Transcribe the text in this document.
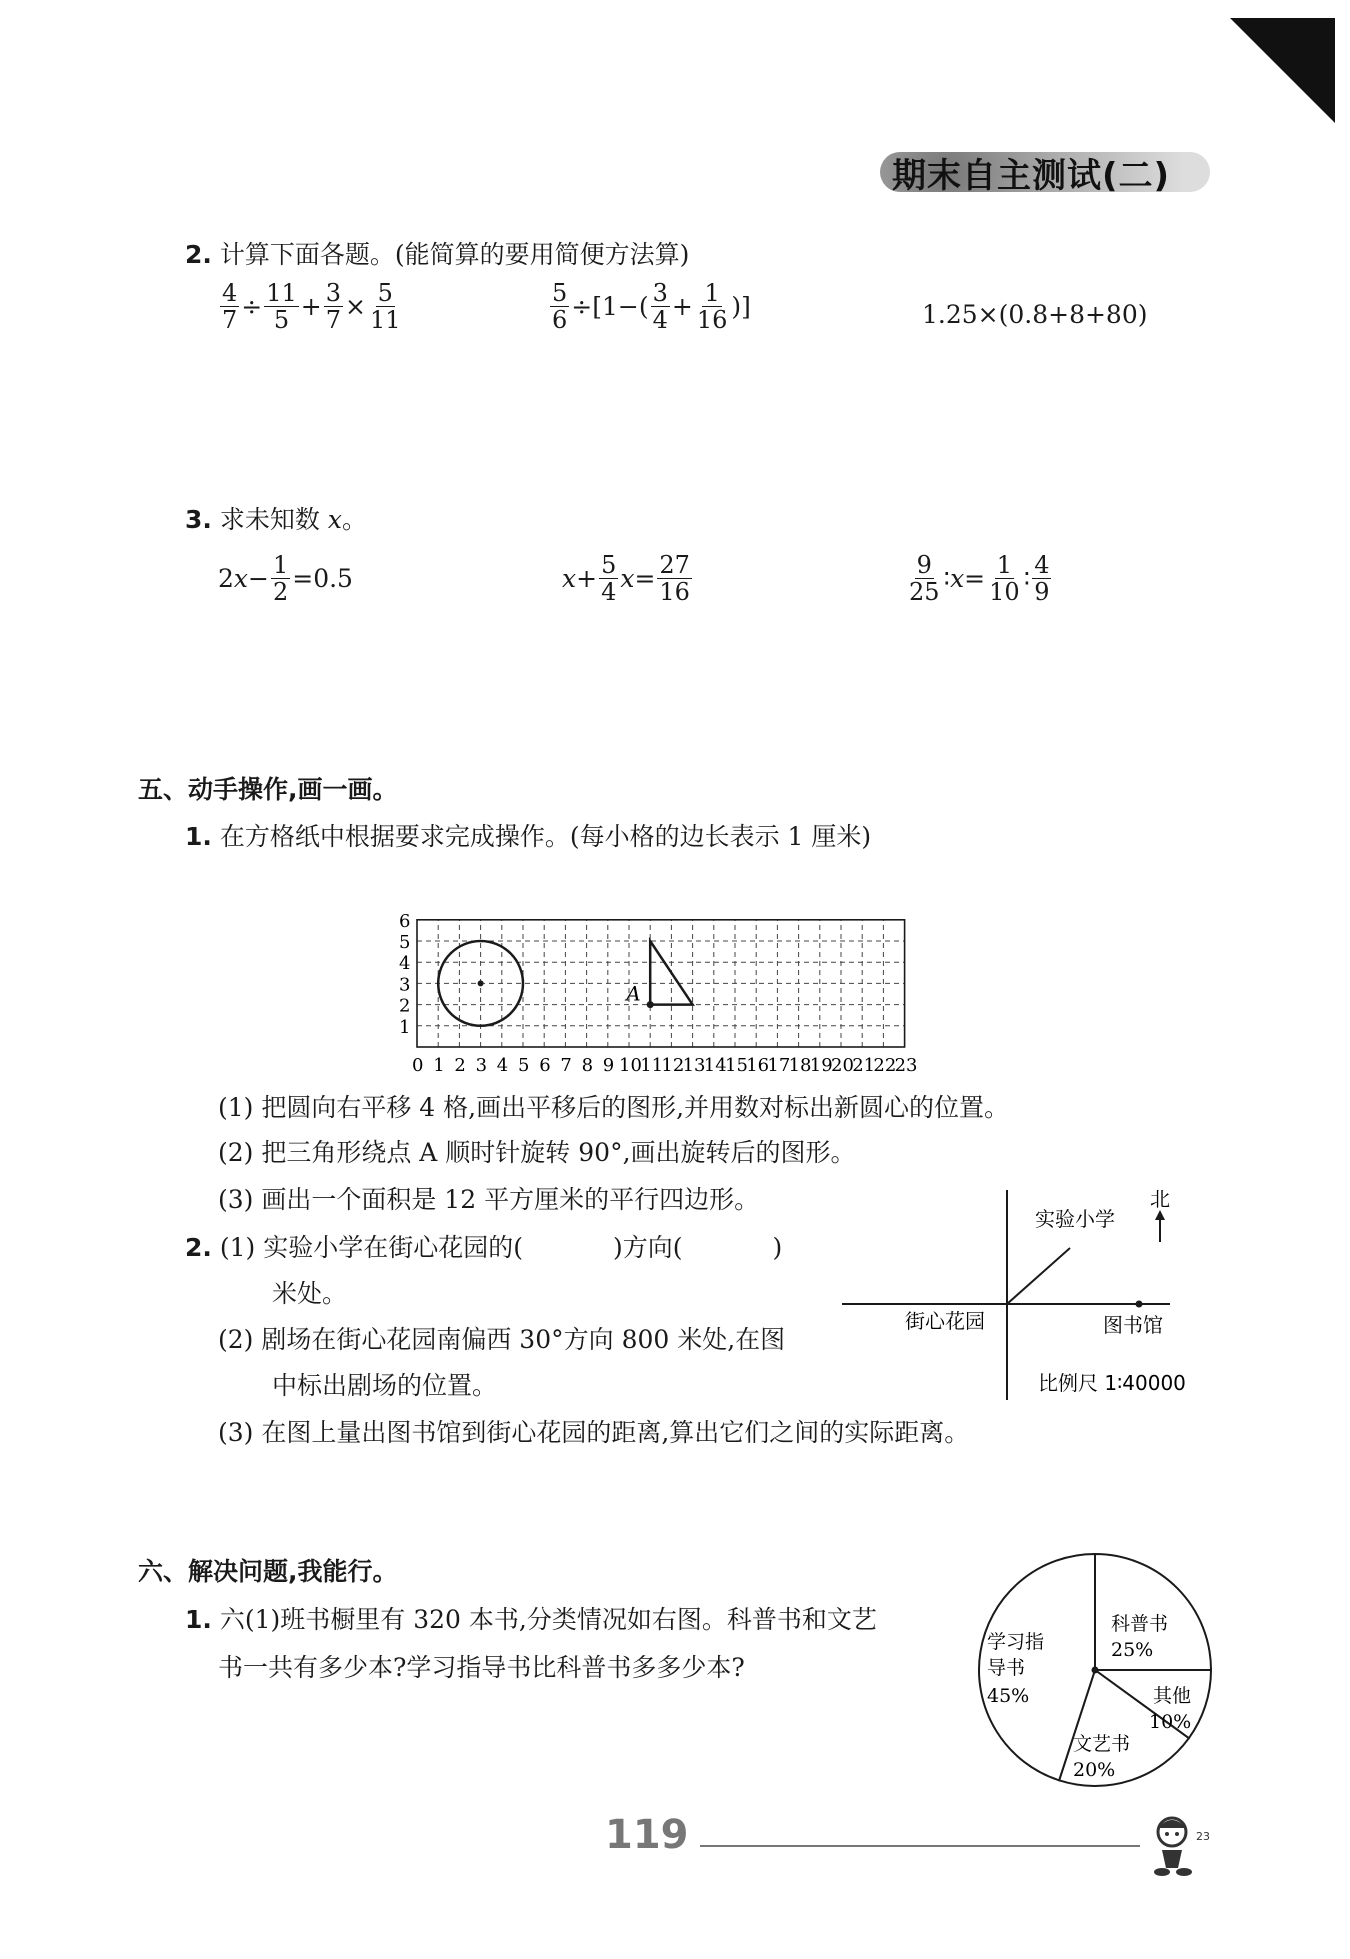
期末自主测试(二)
2. 计算下面各题。(能简算的要用简便方法算)
$\frac{4}{7} \div \frac{11}{5} + \frac{3}{7} \times \frac{5}{11}$	$\frac{5}{6} \div[1-( \frac{3}{4} + \frac{1}{16}$ )]	1.25×(0.8+8+80)
3. 求未知数 x。
2 $x - \frac{1}{2} =0.5$	$x + \frac{5}{4}$ $x = \frac{27}{16}$	$\frac{9}{25}$ ∶ $x = \frac{1}{10}$ ∶ $\frac{4}{9}$
五、动手操作,画一画。
1. 在方格纸中根据要求完成操作。(每小格的边长表示 1 厘米)
A
1
2
3
4
5
6
0 1 2 3 4 5 6 7 8 9 10
11
12
13
14
15
16
17
18
19
20
21
22
23
(1) 把圆向右平移 4 格,画出平移后的图形,并用数对标出新圆心的位置。
(2) 把三角形绕点 A 顺时针旋转 90°,画出旋转后的图形。
(3) 画出一个面积是 12 平方厘米的平行四边形。
2. (1) 实验小学在街心花园的(	)方向(	)
米处。
(2) 剧场在街心花园南偏西 30°方向 800 米处,在图
中标出剧场的位置。
(3) 在图上量出图书馆到街心花园的距离,算出它们之间的实际距离。
北
实验小学
街心花园	图书馆
比例尺 1∶40000
六、解决问题,我能行。
1. 六(1)班书橱里有 320 本书,分类情况如右图。科普书和文艺
书一共有多少本?学习指导书比科普书多多少本?
科普书
25%
其他
10%
文艺书
20%
学习指导书
45%
119	23
